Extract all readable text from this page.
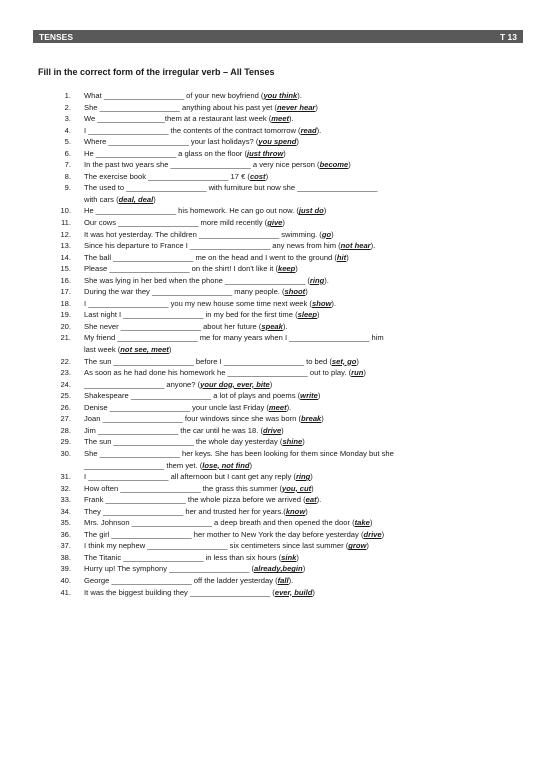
TENSES	T 13
Fill in the correct form of the irregular verb – All Tenses
1.	What ___________________ of your new boyfriend (you think).
2.	She ___________________ anything about his past yet (never hear)
3.	We ________________them at a restaurant last week (meet).
4.	I ___________________ the contents of the contract tomorrow (read).
5.	Where ___________________ your last holidays? (you spend)
6.	He ___________________ a glass on the floor (just throw)
7.	In the past two years she ___________________ a very nice person (become)
8.	The exercise book ___________________ 17 € (cost)
9.	The used to ___________________ with furniture but now she ___________________
with cars (deal, deal)
10.	He ___________________ his homework. He can go out now. (just do)
11.	Our cows ___________________ more mild recently (give)
12.	It was hot yesterday. The children ___________________ swimming. (go)
13.	Since his departure to France I ___________________ any news from him (not hear).
14.	The ball ___________________ me on the head and I went to the ground (hit)
15.	Please ___________________ on the shirt! I don't like it (keep)
16.	She was lying in her bed when the phone ___________________ (ring).
17.	During the war they ___________________ many people. (shoot)
18.	I ___________________ you my new house some time next week (show).
19.	Last night I ___________________ in my bed for the first time (sleep)
20.	She never ___________________ about her future (speak).
21.	My friend ___________________ me for many years when I ___________________ him
last week (not see, meet)
22.	The sun ___________________ before I ___________________ to bed (set, go)
23.	As soon as he had done his homework he ___________________ out to play. (run)
24.	___________________ anyone? (your dog, ever, bite)
25.	Shakespeare ___________________ a lot of plays and poems (write)
26.	Denise ___________________ your uncle last Friday (meet).
27.	Joan ___________________ four windows since she was born (break)
28.	Jim ___________________ the car until he was 18. (drive)
29.	The sun ___________________ the whole day yesterday (shine)
30.	She ___________________ her keys. She has been looking for them since Monday but she
___________________ them yet. (lose, not find)
31.	I ___________________ all afternoon but I cant get any reply (ring)
32.	How often ___________________ the grass this summer (you, cut)
33.	Frank ___________________ the whole pizza before we arrived (eat).
34.	They ___________________ her and trusted her for years.(know)
35.	Mrs. Johnson ___________________ a deep breath and then opened the door (take)
36.	The girl ___________________ her mother to New York the day before yesterday (drive)
37.	I think my nephew ___________________ six centimeters since last summer (grow)
38.	The Titanic ___________________ in less than six hours (sink)
39.	Hurry up! The symphony ___________________ (already,begin)
40.	George ___________________ off the ladder yesterday (fall).
41.	It was the biggest building they ___________________ (ever, build)
